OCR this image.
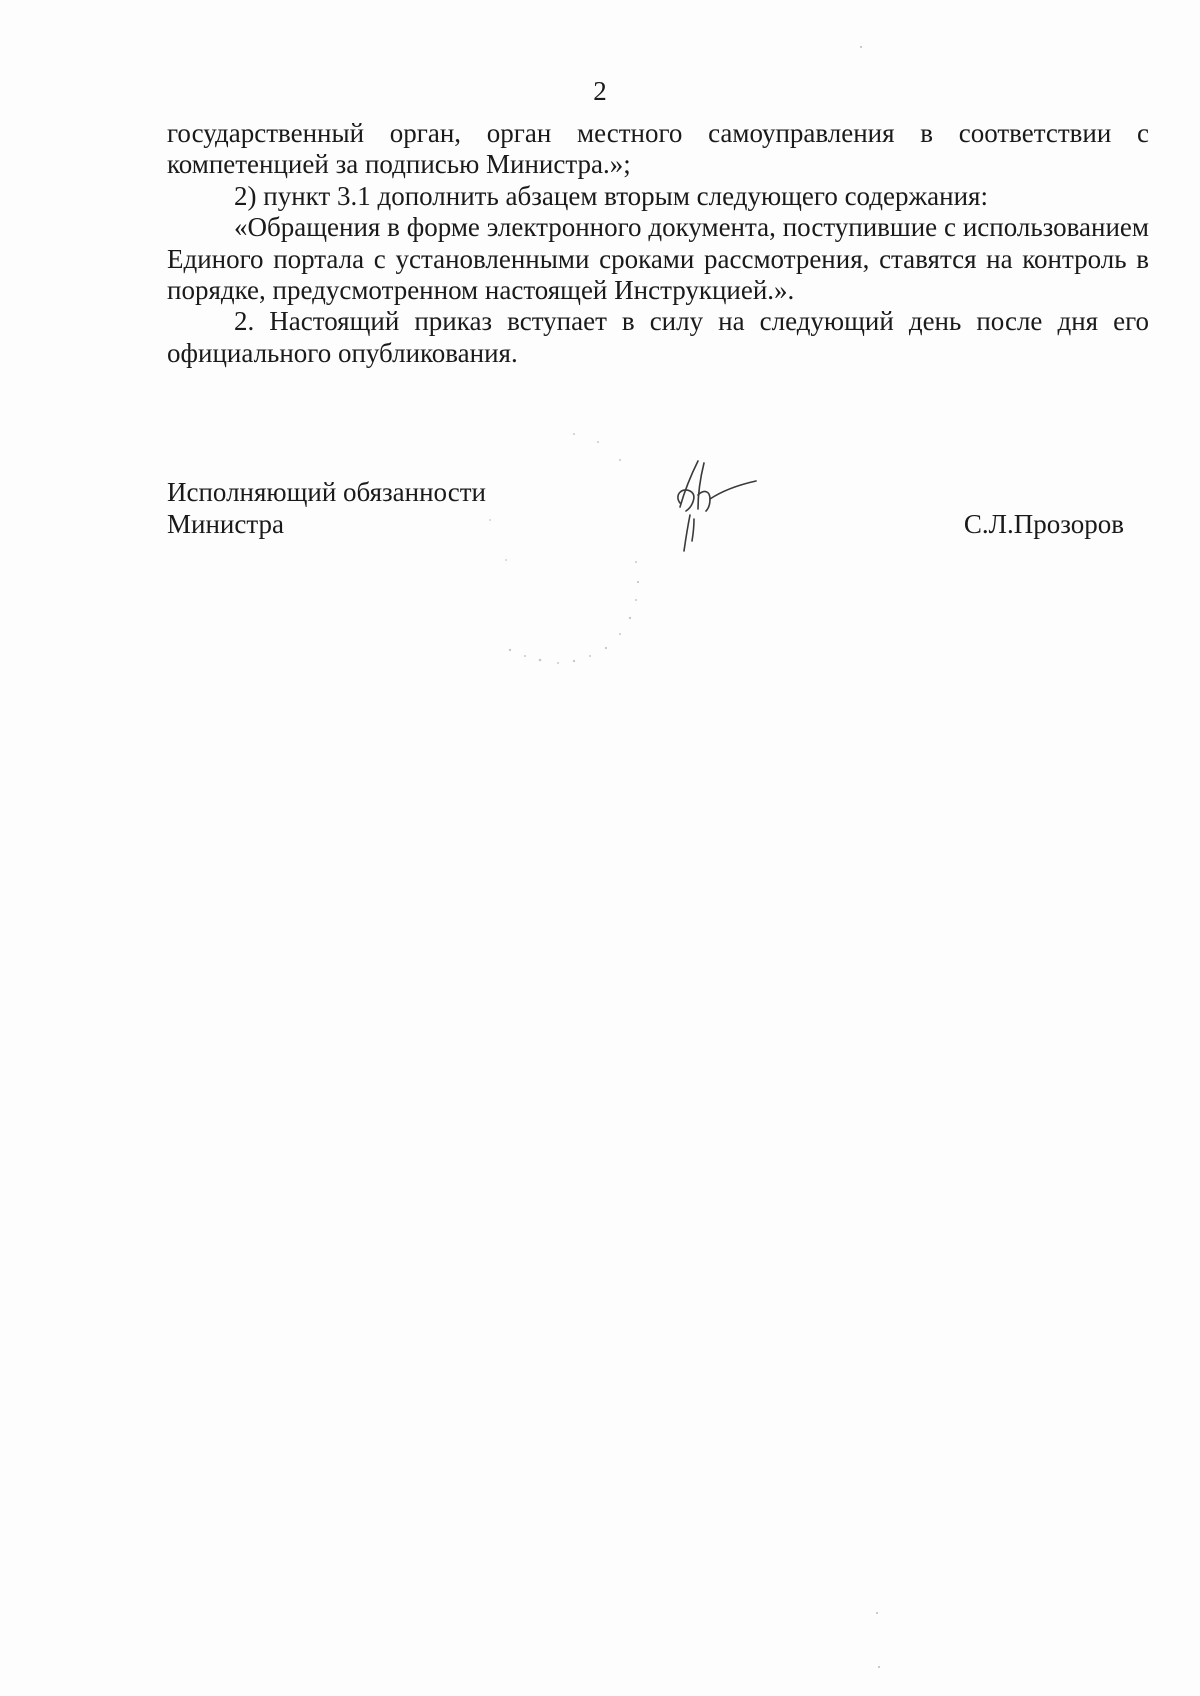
2

государственный орган, орган местного самоуправления в соответствии с компетенцией за подписью Министра.»;

2) пункт 3.1 дополнить абзацем вторым следующего содержания:

«Обращения в форме электронного документа, поступившие с использованием Единого портала с установленными сроками рассмотрения, ставятся на контроль в порядке, предусмотренном настоящей Инструкцией.».

2. Настоящий приказ вступает в силу на следующий день после дня его официального опубликования.

Исполняющий обязанности
Министра	С.Л.Прозоров
